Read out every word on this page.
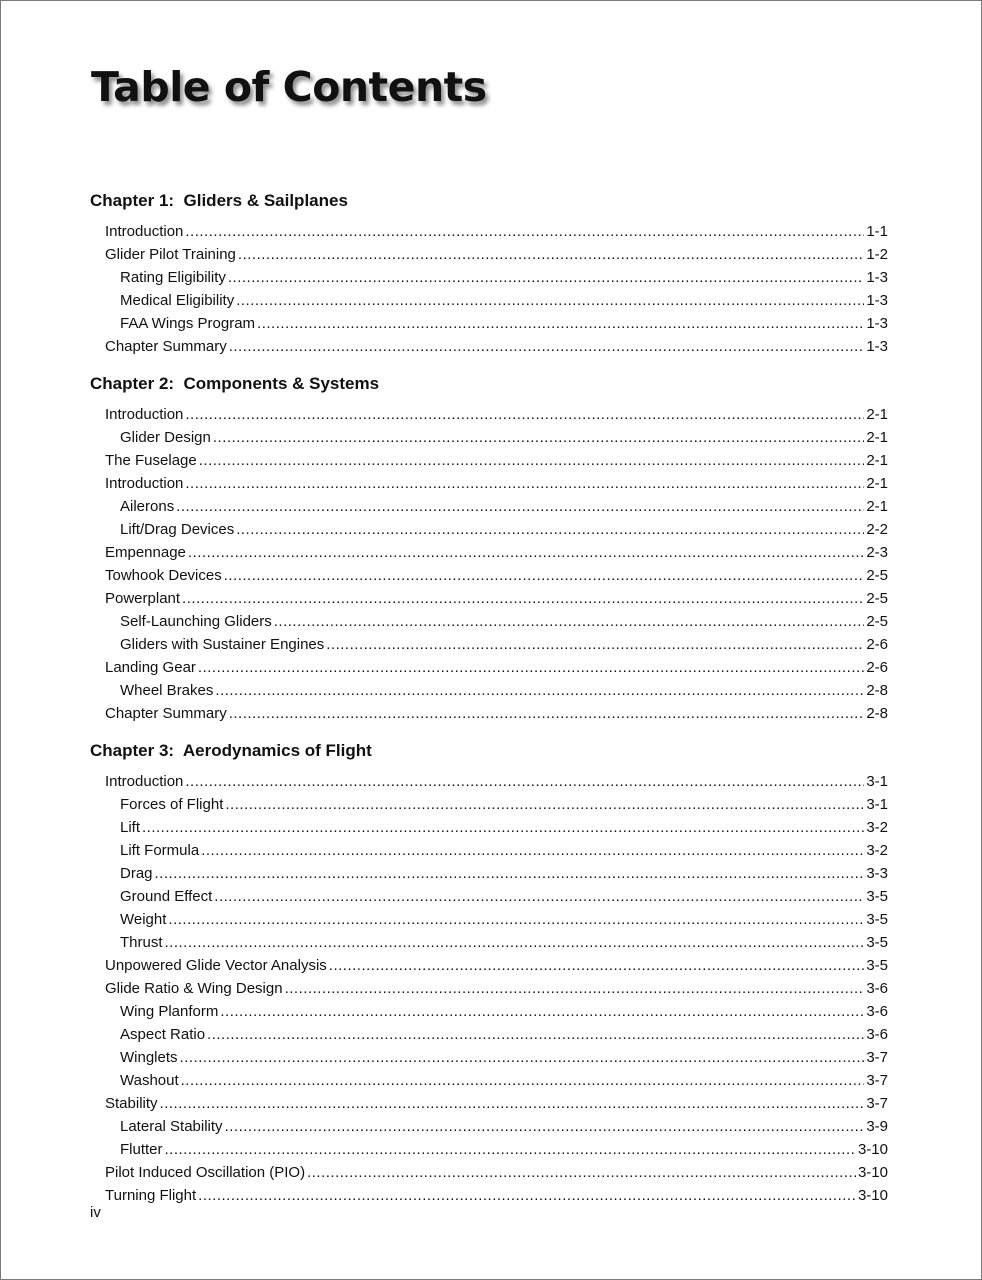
Table of Contents
Chapter 1:  Gliders & Sailplanes
Introduction .....	1-1
Glider Pilot Training .....	1-2
Rating Eligibility .....	1-3
Medical Eligibility .....	1-3
FAA Wings Program .....	1-3
Chapter Summary .....	1-3
Chapter 2:  Components & Systems
Introduction .....	2-1
Glider Design .....	2-1
The Fuselage .....	2-1
Introduction .....	2-1
Ailerons .....	2-1
Lift/Drag Devices .....	2-2
Empennage .....	2-3
Towhook Devices .....	2-5
Powerplant .....	2-5
Self-Launching Gliders .....	2-5
Gliders with Sustainer Engines .....	2-6
Landing Gear .....	2-6
Wheel Brakes .....	2-8
Chapter Summary .....	2-8
Chapter 3:  Aerodynamics of Flight
Introduction .....	3-1
Forces of Flight .....	3-1
Lift .....	3-2
Lift Formula .....	3-2
Drag .....	3-3
Ground Effect .....	3-5
Weight .....	3-5
Thrust .....	3-5
Unpowered Glide Vector Analysis .....	3-5
Glide Ratio & Wing Design .....	3-6
Wing Planform .....	3-6
Aspect Ratio .....	3-6
Winglets .....	3-7
Washout .....	3-7
Stability .....	3-7
Lateral Stability .....	3-9
Flutter .....	3-10
Pilot Induced Oscillation (PIO) .....	3-10
Turning Flight .....	3-10
iv
